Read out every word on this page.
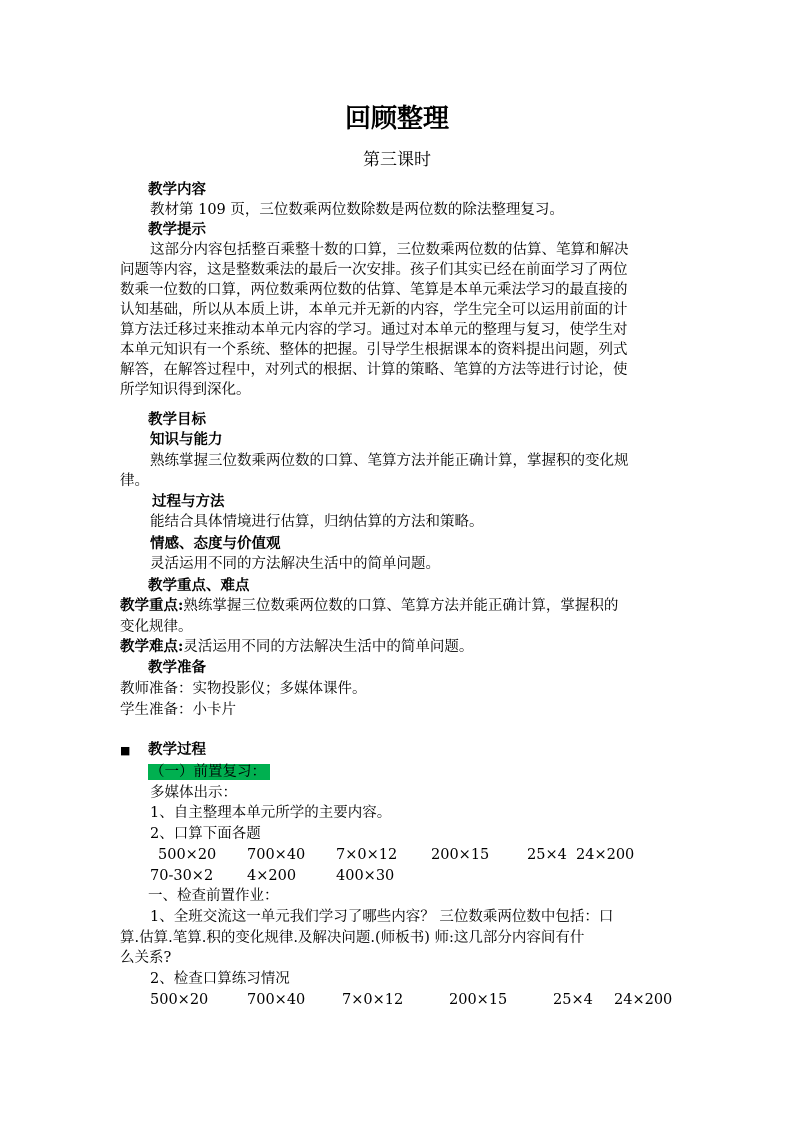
回顾整理
第三课时
教学内容
教材第 109 页，三位数乘两位数除数是两位数的除法整理复习。
教学提示
这部分内容包括整百乘整十数的口算，三位数乘两位数的估算、笔算和解决
问题等内容，这是整数乘法的最后一次安排。孩子们其实已经在前面学习了两位
数乘一位数的口算，两位数乘两位数的估算、笔算是本单元乘法学习的最直接的
认知基础，所以从本质上讲，本单元并无新的内容，学生完全可以运用前面的计
算方法迁移过来推动本单元内容的学习。通过对本单元的整理与复习，使学生对
本单元知识有一个系统、整体的把握。引导学生根据课本的资料提出问题，列式
解答，在解答过程中，对列式的根据、计算的策略、笔算的方法等进行讨论，使
所学知识得到深化。
教学目标
知识与能力
熟练掌握三位数乘两位数的口算、笔算方法并能正确计算，掌握积的变化规
律。
过程与方法
能结合具体情境进行估算，归纳估算的方法和策略。
情感、态度与价值观
灵活运用不同的方法解决生活中的简单问题。
教学重点、难点
教学重点:熟练掌握三位数乘两位数的口算、笔算方法并能正确计算，掌握积的
变化规律。
教学难点:灵活运用不同的方法解决生活中的简单问题。
教学准备
教师准备：实物投影仪；多媒体课件。
学生准备：小卡片
■ 教学过程
（一）前置复习：
多媒体出示：
1、自主整理本单元所学的主要内容。
2、口算下面各题
500×20 700×40 7×0×12 200×15	25×4 24×200
70-30×2 4×200	400×30
一、检查前置作业：
1、全班交流这一单元我们学习了哪些内容？ 三位数乘两位数中包括：口
算.估算.笔算.积的变化规律.及解决问题.(师板书) 师:这几部分内容间有什
么关系?
2、检查口算练习情况
500×20	700×40	7×0×12	200×15	25×4 24×200
